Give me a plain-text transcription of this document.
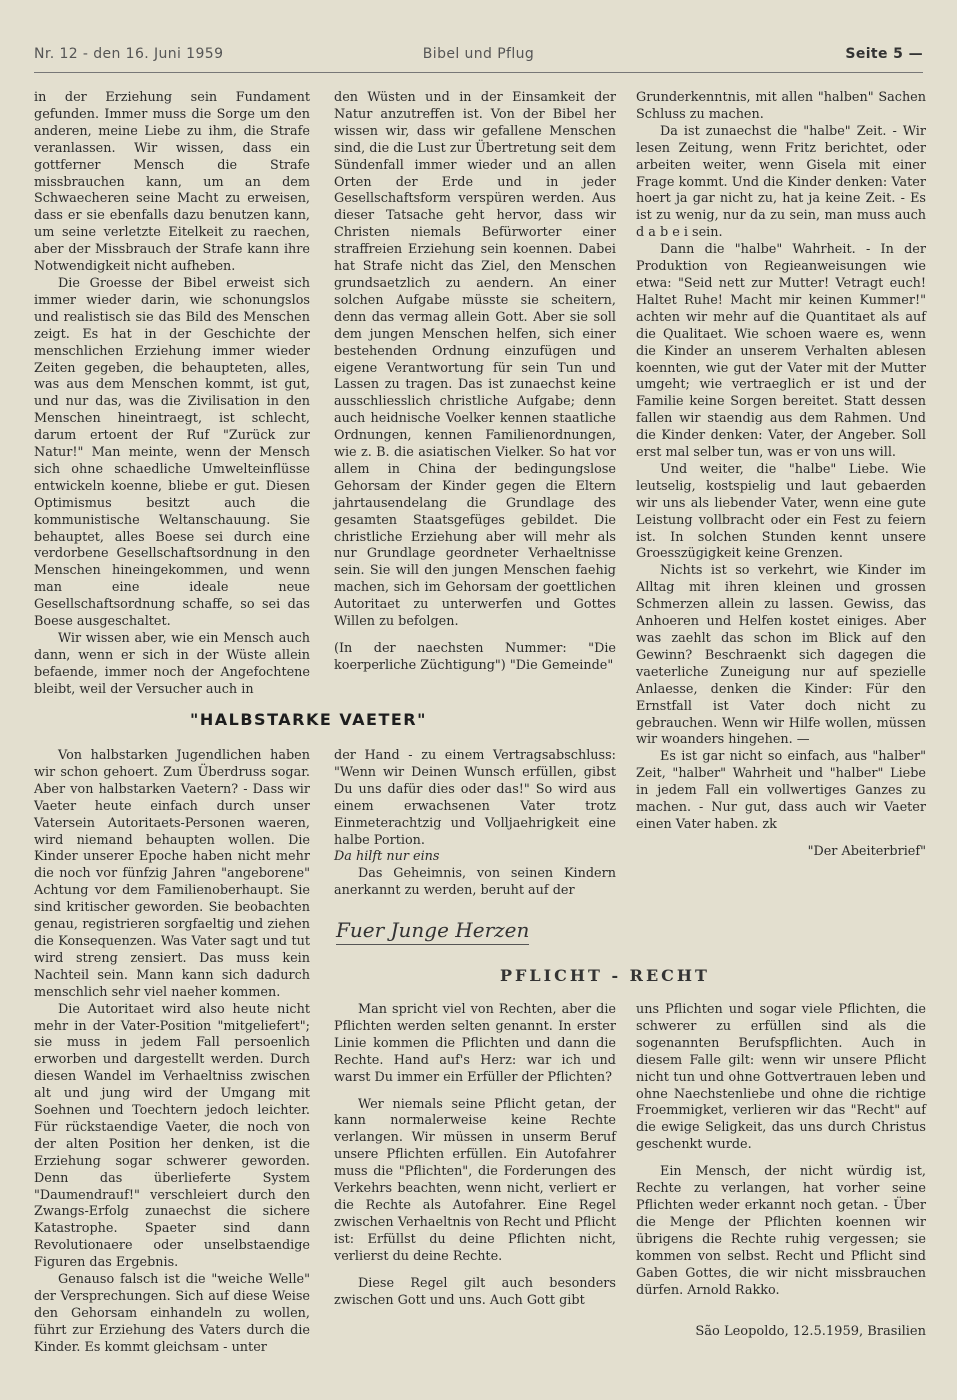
Nr. 12 - den 16. Juni 1959	Bibel und Pflug	Seite 5 —

in der Erziehung sein Fundament gefunden. Immer muss die Sorge um den anderen, meine Liebe zu ihm, die Strafe veranlassen. Wir wissen, dass ein gottferner Mensch die Strafe missbrauchen kann, um an dem Schwaecheren seine Macht zu erweisen, dass er sie ebenfalls dazu benutzen kann, um seine verletzte Eitelkeit zu raechen, aber der Missbrauch der Strafe kann ihre Notwendigkeit nicht aufheben.

Die Groesse der Bibel erweist sich immer wieder darin, wie schonungslos und realistisch sie das Bild des Menschen zeigt. Es hat in der Geschichte der menschlichen Erziehung immer wieder Zeiten gegeben, die behaupteten, alles, was aus dem Menschen kommt, ist gut, und nur das, was die Zivilisation in den Menschen hineintraegt, ist schlecht, darum ertoent der Ruf "Zurück zur Natur!" Man meinte, wenn der Mensch sich ohne schaedliche Umwelteinflüsse entwickeln koenne, bliebe er gut. Diesen Optimismus besitzt auch die kommunistische Weltanschauung. Sie behauptet, alles Boese sei durch eine verdorbene Gesellschaftsordnung in den Menschen hineingekommen, und wenn man eine ideale neue Gesellschaftsordnung schaffe, so sei das Boese ausgeschaltet.

Wir wissen aber, wie ein Mensch auch dann, wenn er sich in der Wüste allein befaende, immer noch der Angefochtene bleibt, weil der Versucher auch in

den Wüsten und in der Einsamkeit der Natur anzutreffen ist. Von der Bibel her wissen wir, dass wir gefallene Menschen sind, die die Lust zur Übertretung seit dem Sündenfall immer wieder und an allen Orten der Erde und in jeder Gesellschaftsform verspüren werden. Aus dieser Tatsache geht hervor, dass wir Christen niemals Befürworter einer straffreien Erziehung sein koennen. Dabei hat Strafe nicht das Ziel, den Menschen grundsaetzlich zu aendern. An einer solchen Aufgabe müsste sie scheitern, denn das vermag allein Gott. Aber sie soll dem jungen Menschen helfen, sich einer bestehenden Ordnung einzufügen und eigene Verantwortung für sein Tun und Lassen zu tragen. Das ist zunaechst keine ausschliesslich christliche Aufgabe; denn auch heidnische Voelker kennen staatliche Ordnungen, kennen Familienordnungen, wie z. B. die asiatischen Vielker. So hat vor allem in China der bedingungslose Gehorsam der Kinder gegen die Eltern jahrtausendelang die Grundlage des gesamten Staatsgefüges gebildet. Die christliche Erziehung aber will mehr als nur Grundlage geordneter Verhaeltnisse sein. Sie will den jungen Menschen faehig machen, sich im Gehorsam der goettlichen Autoritaet zu unterwerfen und Gottes Willen zu befolgen.

(In der naechsten Nummer: "Die koerperliche Züchtigung") "Die Gemeinde"

"HALBSTARKE VAETER"

Von halbstarken Jugendlichen haben wir schon gehoert. Zum Überdruss sogar. Aber von halbstarken Vaetern? - Dass wir Vaeter heute einfach durch unser Vatersein Autoritaets-Personen waeren, wird niemand behaupten wollen. Die Kinder unserer Epoche haben nicht mehr die noch vor fünfzig Jahren "angeborene" Achtung vor dem Familienoberhaupt. Sie sind kritischer geworden. Sie beobachten genau, registrieren sorgfaeltig und ziehen die Konsequenzen. Was Vater sagt und tut wird streng zensiert. Das muss kein Nachteil sein. Mann kann sich dadurch menschlich sehr viel naeher kommen.

Die Autoritaet wird also heute nicht mehr in der Vater-Position "mitgeliefert"; sie muss in jedem Fall persoenlich erworben und dargestellt werden. Durch diesen Wandel im Verhaeltniss zwischen alt und jung wird der Umgang mit Soehnen und Toechtern jedoch leichter. Für rückstaendige Vaeter, die noch von der alten Position her denken, ist die Erziehung sogar schwerer geworden. Denn das überlieferte System "Daumendrauf!" verschleiert durch den Zwangs-Erfolg zunaechst die sichere Katastrophe. Spaeter sind dann Revolutionaere oder unselbstaendige Figuren das Ergebnis.

Genauso falsch ist die "weiche Welle" der Versprechungen. Sich auf diese Weise den Gehorsam einhandeln zu wollen, führt zur Erziehung des Vaters durch die Kinder. Es kommt gleichsam - unter

der Hand - zu einem Vertragsabschluss: "Wenn wir Deinen Wunsch erfüllen, gibst Du uns dafür dies oder das!" So wird aus einem erwachsenen Vater trotz Einmeterachtzig und Volljaehrigkeit eine halbe Portion.

Da hilft nur eins

Das Geheimnis, von seinen Kindern anerkannt zu werden, beruht auf der

Grunderkenntnis, mit allen "halben" Sachen Schluss zu machen.

Da ist zunaechst die "halbe" Zeit. - Wir lesen Zeitung, wenn Fritz berichtet, oder arbeiten weiter, wenn Gisela mit einer Frage kommt. Und die Kinder denken: Vater hoert ja gar nicht zu, hat ja keine Zeit. - Es ist zu wenig, nur da zu sein, man muss auch d a b e i sein.

Dann die "halbe" Wahrheit. - In der Produktion von Regieanweisungen wie etwa: "Seid nett zur Mutter! Vetragt euch! Haltet Ruhe! Macht mir keinen Kummer!" achten wir mehr auf die Quantitaet als auf die Qualitaet. Wie schoen waere es, wenn die Kinder an unserem Verhalten ablesen koennten, wie gut der Vater mit der Mutter umgeht; wie vertraeglich er ist und der Familie keine Sorgen bereitet. Statt dessen fallen wir staendig aus dem Rahmen. Und die Kinder denken: Vater, der Angeber. Soll erst mal selber tun, was er von uns will.

Und weiter, die "halbe" Liebe. Wie leutselig, kostspielig und laut gebaerden wir uns als liebender Vater, wenn eine gute Leistung vollbracht oder ein Fest zu feiern ist. In solchen Stunden kennt unsere Groesszügigkeit keine Grenzen.

Nichts ist so verkehrt, wie Kinder im Alltag mit ihren kleinen und grossen Schmerzen allein zu lassen. Gewiss, das Anhoeren und Helfen kostet einiges. Aber was zaehlt das schon im Blick auf den Gewinn? Beschraenkt sich dagegen die vaeterliche Zuneigung nur auf spezielle Anlaesse, denken die Kinder: Für den Ernstfall ist Vater doch nicht zu gebrauchen. Wenn wir Hilfe wollen, müssen wir woanders hingehen. —

Es ist gar nicht so einfach, aus "halber" Zeit, "halber" Wahrheit und "halber" Liebe in jedem Fall ein vollwertiges Ganzes zu machen. - Nur gut, dass auch wir Vaeter einen Vater haben. zk

"Der Abeiterbrief"

Fuer Junge Herzen
PFLICHT - RECHT

Man spricht viel von Rechten, aber die Pflichten werden selten genannt. In erster Linie kommen die Pflichten und dann die Rechte. Hand auf's Herz: war ich und warst Du immer ein Erfüller der Pflichten?

Wer niemals seine Pflicht getan, der kann normalerweise keine Rechte verlangen. Wir müssen in unserm Beruf unsere Pflichten erfüllen. Ein Autofahrer muss die "Pflichten", die Forderungen des Verkehrs beachten, wenn nicht, verliert er die Rechte als Autofahrer. Eine Regel zwischen Verhaeltnis von Recht und Pflicht ist: Erfüllst du deine Pflichten nicht, verlierst du deine Rechte.

Diese Regel gilt auch besonders zwischen Gott und uns. Auch Gott gibt

uns Pflichten und sogar viele Pflichten, die schwerer zu erfüllen sind als die sogenannten Berufspflichten. Auch in diesem Falle gilt: wenn wir unsere Pflicht nicht tun und ohne Gottvertrauen leben und ohne Naechstenliebe und ohne die richtige Froemmigket, verlieren wir das "Recht" auf die ewige Seligkeit, das uns durch Christus geschenkt wurde.

Ein Mensch, der nicht würdig ist, Rechte zu verlangen, hat vorher seine Pflichten weder erkannt noch getan. - Über die Menge der Pflichten koennen wir übrigens die Rechte ruhig vergessen; sie kommen von selbst. Recht und Pflicht sind Gaben Gottes, die wir nicht missbrauchen dürfen. Arnold Rakko.

São Leopoldo, 12.5.1959, Brasilien
